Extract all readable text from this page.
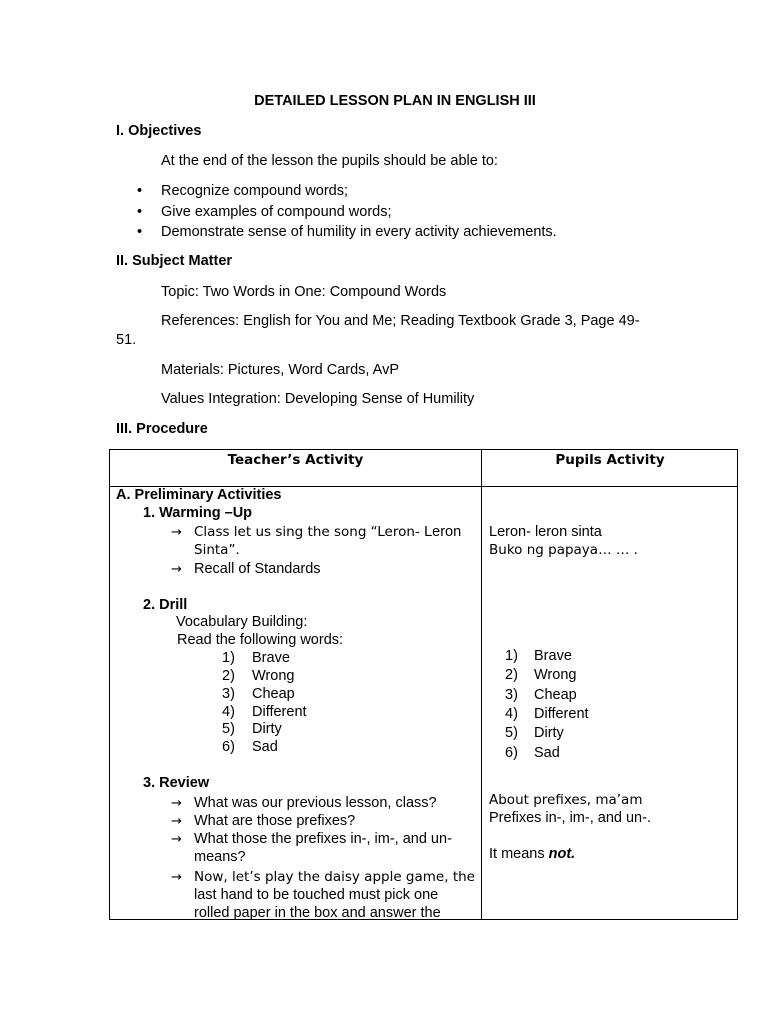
DETAILED LESSON PLAN IN ENGLISH III
I. Objectives
At the end of the lesson the pupils should be able to:
• Recognize compound words;
• Give examples of compound words;
• Demonstrate sense of humility in every activity achievements.
II. Subject Matter
Topic: Two Words in One: Compound Words
References: English for You and Me; Reading Textbook Grade 3, Page 49-
51.
Materials: Pictures, Word Cards, AvP
Values Integration: Developing Sense of Humility
III. Procedure
Teacher’s Activity	Pupils Activity
A. Preliminary Activities
1. Warming –Up
→ Class let us sing the song “Leron- Leron
Sinta”.
→ Recall of Standards
2. Drill
Vocabulary Building:
Read the following words:
1) Brave
2) Wrong
3) Cheap
4) Different
5) Dirty
6) Sad
3. Review
→ What was our previous lesson, class?
→ What are those prefixes?
→ What those the prefixes in-, im-, and un-
means?
→ Now, let’s play the daisy apple game, the
last hand to be touched must pick one
rolled paper in the box and answer the
Leron- leron sinta
Buko ng papaya… … .
1) Brave
2) Wrong
3) Cheap
4) Different
5) Dirty
6) Sad
About prefixes, ma’am
Prefixes in-, im-, and un-.
It means not.
